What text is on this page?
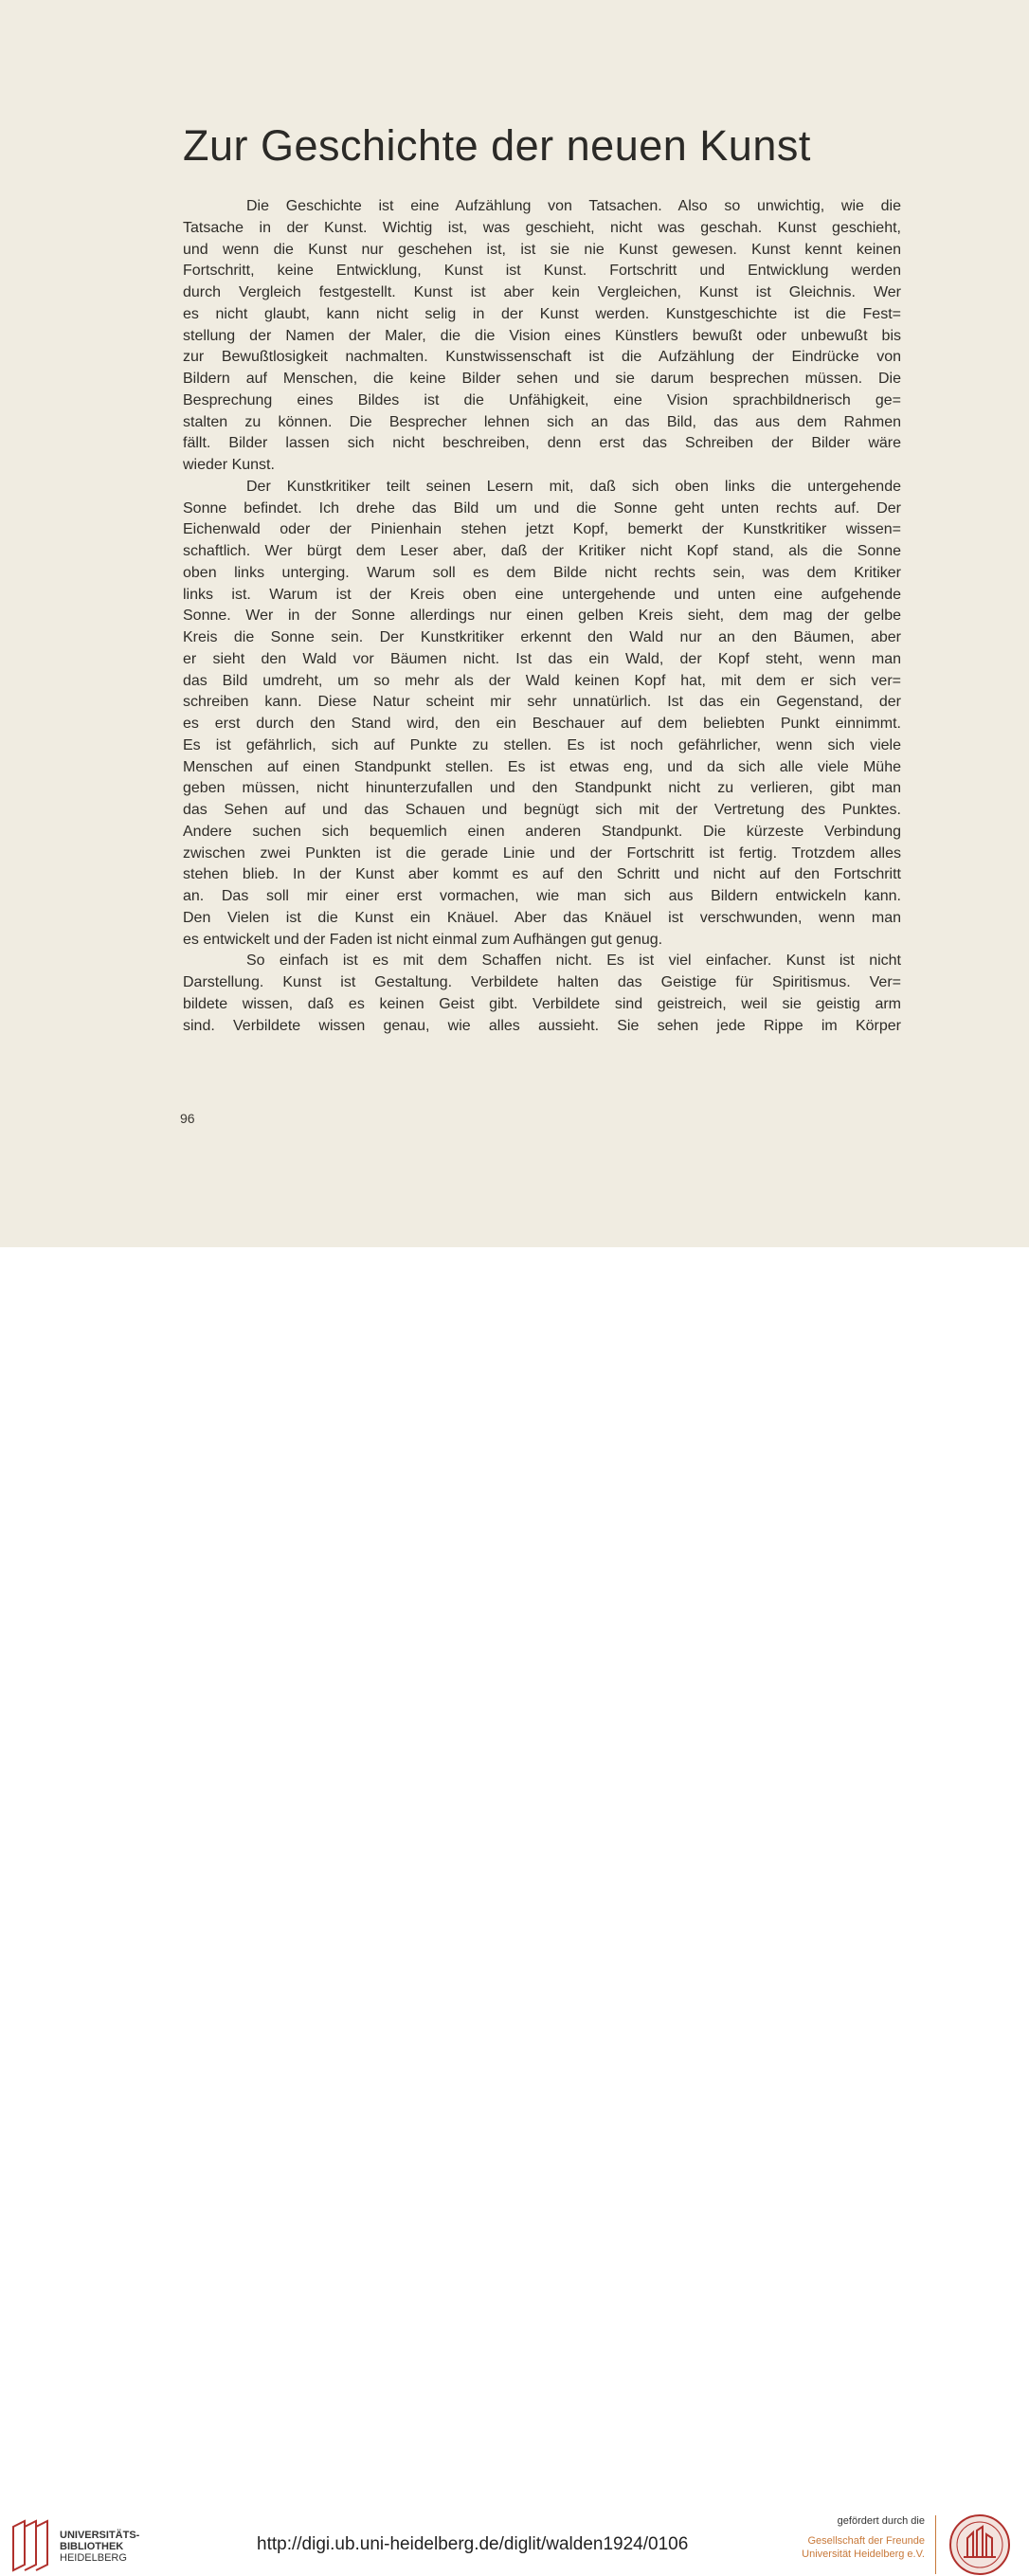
Zur Geschichte der neuen Kunst
Die Geschichte ist eine Aufzählung von Tatsachen. Also so unwichtig, wie die
Tatsache in der Kunst. Wichtig ist, was geschieht, nicht was geschah. Kunst geschieht,
und wenn die Kunst nur geschehen ist, ist sie nie Kunst gewesen. Kunst kennt keinen
Fortschritt, keine Entwicklung, Kunst ist Kunst. Fortschritt und Entwicklung werden
durch Vergleich festgestellt. Kunst ist aber kein Vergleichen, Kunst ist Gleichnis. Wer
es nicht glaubt, kann nicht selig in der Kunst werden. Kunstgeschichte ist die Fest=
stellung der Namen der Maler, die die Vision eines Künstlers bewußt oder unbewußt bis
zur Bewußtlosigkeit nachmalten. Kunstwissenschaft ist die Aufzählung der Eindrücke von
Bildern auf Menschen, die keine Bilder sehen und sie darum besprechen müssen. Die
Besprechung eines Bildes ist die Unfähigkeit, eine Vision sprachbildnerisch ge=
stalten zu können. Die Besprecher lehnen sich an das Bild, das aus dem Rahmen
fällt. Bilder lassen sich nicht beschreiben, denn erst das Schreiben der Bilder wäre
wieder Kunst.
Der Kunstkritiker teilt seinen Lesern mit, daß sich oben links die untergehende
Sonne befindet. Ich drehe das Bild um und die Sonne geht unten rechts auf. Der
Eichenwald oder der Pinienhain stehen jetzt Kopf, bemerkt der Kunstkritiker wissen=
schaftlich. Wer bürgt dem Leser aber, daß der Kritiker nicht Kopf stand, als die Sonne
oben links unterging. Warum soll es dem Bilde nicht rechts sein, was dem Kritiker
links ist. Warum ist der Kreis oben eine untergehende und unten eine aufgehende
Sonne. Wer in der Sonne allerdings nur einen gelben Kreis sieht, dem mag der gelbe
Kreis die Sonne sein. Der Kunstkritiker erkennt den Wald nur an den Bäumen, aber
er sieht den Wald vor Bäumen nicht. Ist das ein Wald, der Kopf steht, wenn man
das Bild umdreht, um so mehr als der Wald keinen Kopf hat, mit dem er sich ver=
schreiben kann. Diese Natur scheint mir sehr unnatürlich. Ist das ein Gegenstand, der
es erst durch den Stand wird, den ein Beschauer auf dem beliebten Punkt einnimmt.
Es ist gefährlich, sich auf Punkte zu stellen. Es ist noch gefährlicher, wenn sich viele
Menschen auf einen Standpunkt stellen. Es ist etwas eng, und da sich alle viele Mühe
geben müssen, nicht hinunterzufallen und den Standpunkt nicht zu verlieren, gibt man
das Sehen auf und das Schauen und begnügt sich mit der Vertretung des Punktes.
Andere suchen sich bequemlich einen anderen Standpunkt. Die kürzeste Verbindung
zwischen zwei Punkten ist die gerade Linie und der Fortschritt ist fertig. Trotzdem alles
stehen blieb. In der Kunst aber kommt es auf den Schritt und nicht auf den Fortschritt
an. Das soll mir einer erst vormachen, wie man sich aus Bildern entwickeln kann.
Den Vielen ist die Kunst ein Knäuel. Aber das Knäuel ist verschwunden, wenn man
es entwickelt und der Faden ist nicht einmal zum Aufhängen gut genug.
So einfach ist es mit dem Schaffen nicht. Es ist viel einfacher. Kunst ist nicht
Darstellung. Kunst ist Gestaltung. Verbildete halten das Geistige für Spiritismus. Ver=
bildete wissen, daß es keinen Geist gibt. Verbildete sind geistreich, weil sie geistig arm
sind. Verbildete wissen genau, wie alles aussieht. Sie sehen jede Rippe im Körper
96
UNIVERSITÄTS-
BIBLIOTHEK
HEIDELBERG
http://digi.ub.uni-heidelberg.de/diglit/walden1924/0106
gefördert durch die
Gesellschaft der Freunde
Universität Heidelberg e.V.
